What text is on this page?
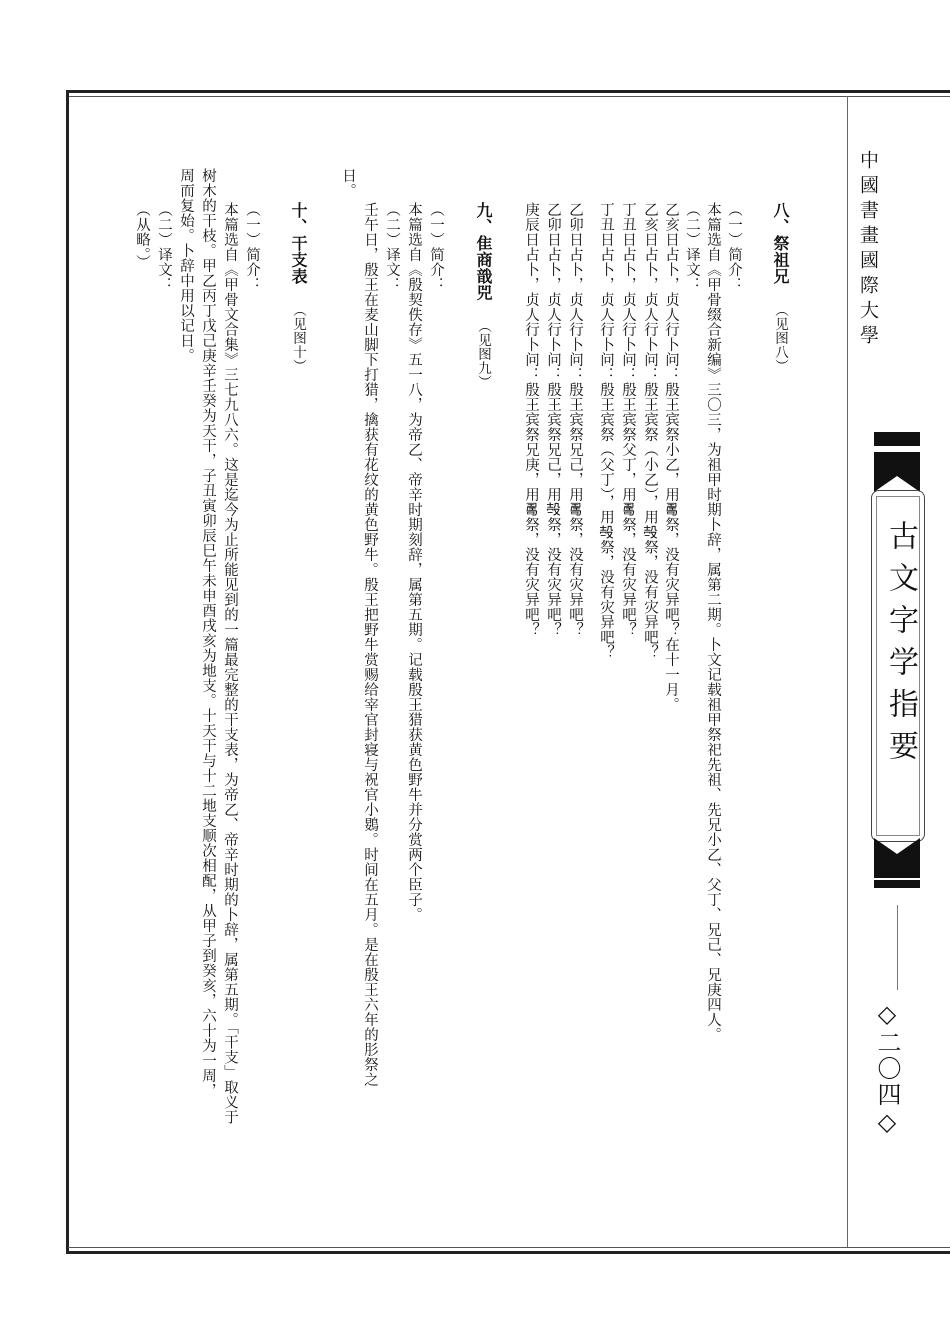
中國書畫國際大學
古文字学指要
◇二〇四◇
八、祭祖兄（见图八）
（一）简介：
本篇选自《甲骨缀合新编》三〇三，为祖甲时期卜辞，属第二期。卜文记载祖甲祭祀先祖、先兄小乙、父丁、兄己、兄庚四人。
（二）译文：
乙亥日占卜，贞人行卜问：殷王宾祭小乙，用𠷎祭，没有灾异吧？在十一月。
乙亥日占卜，贞人行卜问：殷王宾祭（小乙），用𣪊祭，没有灾异吧？
丁丑日占卜，贞人行卜问：殷王宾祭父丁，用𠷎祭，没有灾异吧？
丁丑日占卜，贞人行卜问：殷王宾祭（父丁），用𣪊祭，没有灾异吧？
乙卯日占卜，贞人行卜问：殷王宾祭兄己，用𠷎祭，没有灾异吧？
乙卯日占卜，贞人行卜问：殷王宾祭兄己，用𣪊祭，没有灾异吧？
庚辰日占卜，贞人行卜问：殷王宾祭兄庚，用𠷎祭，没有灾异吧？
九、隹商戠兕（见图九）
（一）简介：
本篇选自《殷契佚存》五一八，为帝乙、帝辛时期刻辞，属第五期。记载殷王猎获黄色野牛并分赏两个臣子。
（二）译文：
壬午日，殷王在麦山脚下打猎，擒获有花纹的黄色野牛。殷王把野牛赏赐给宰官封寝与祝官小䳛。时间在五月。是在殷王六年的肜祭之
日。
十、干支表（见图十）
（一）简介：
本篇选自《甲骨文合集》三七九八六。这是迄今为止所能见到的一篇最完整的干支表，为帝乙、帝辛时期的卜辞，属第五期。「干支」取义于
树木的干枝。甲乙丙丁戊己庚辛壬癸为天干，子丑寅卯辰巳午未申酉戌亥为地支。十天干与十二地支顺次相配，从甲子到癸亥，六十为一周，
周而复始。卜辞中用以记日。
（二）译文：
（从略。）
